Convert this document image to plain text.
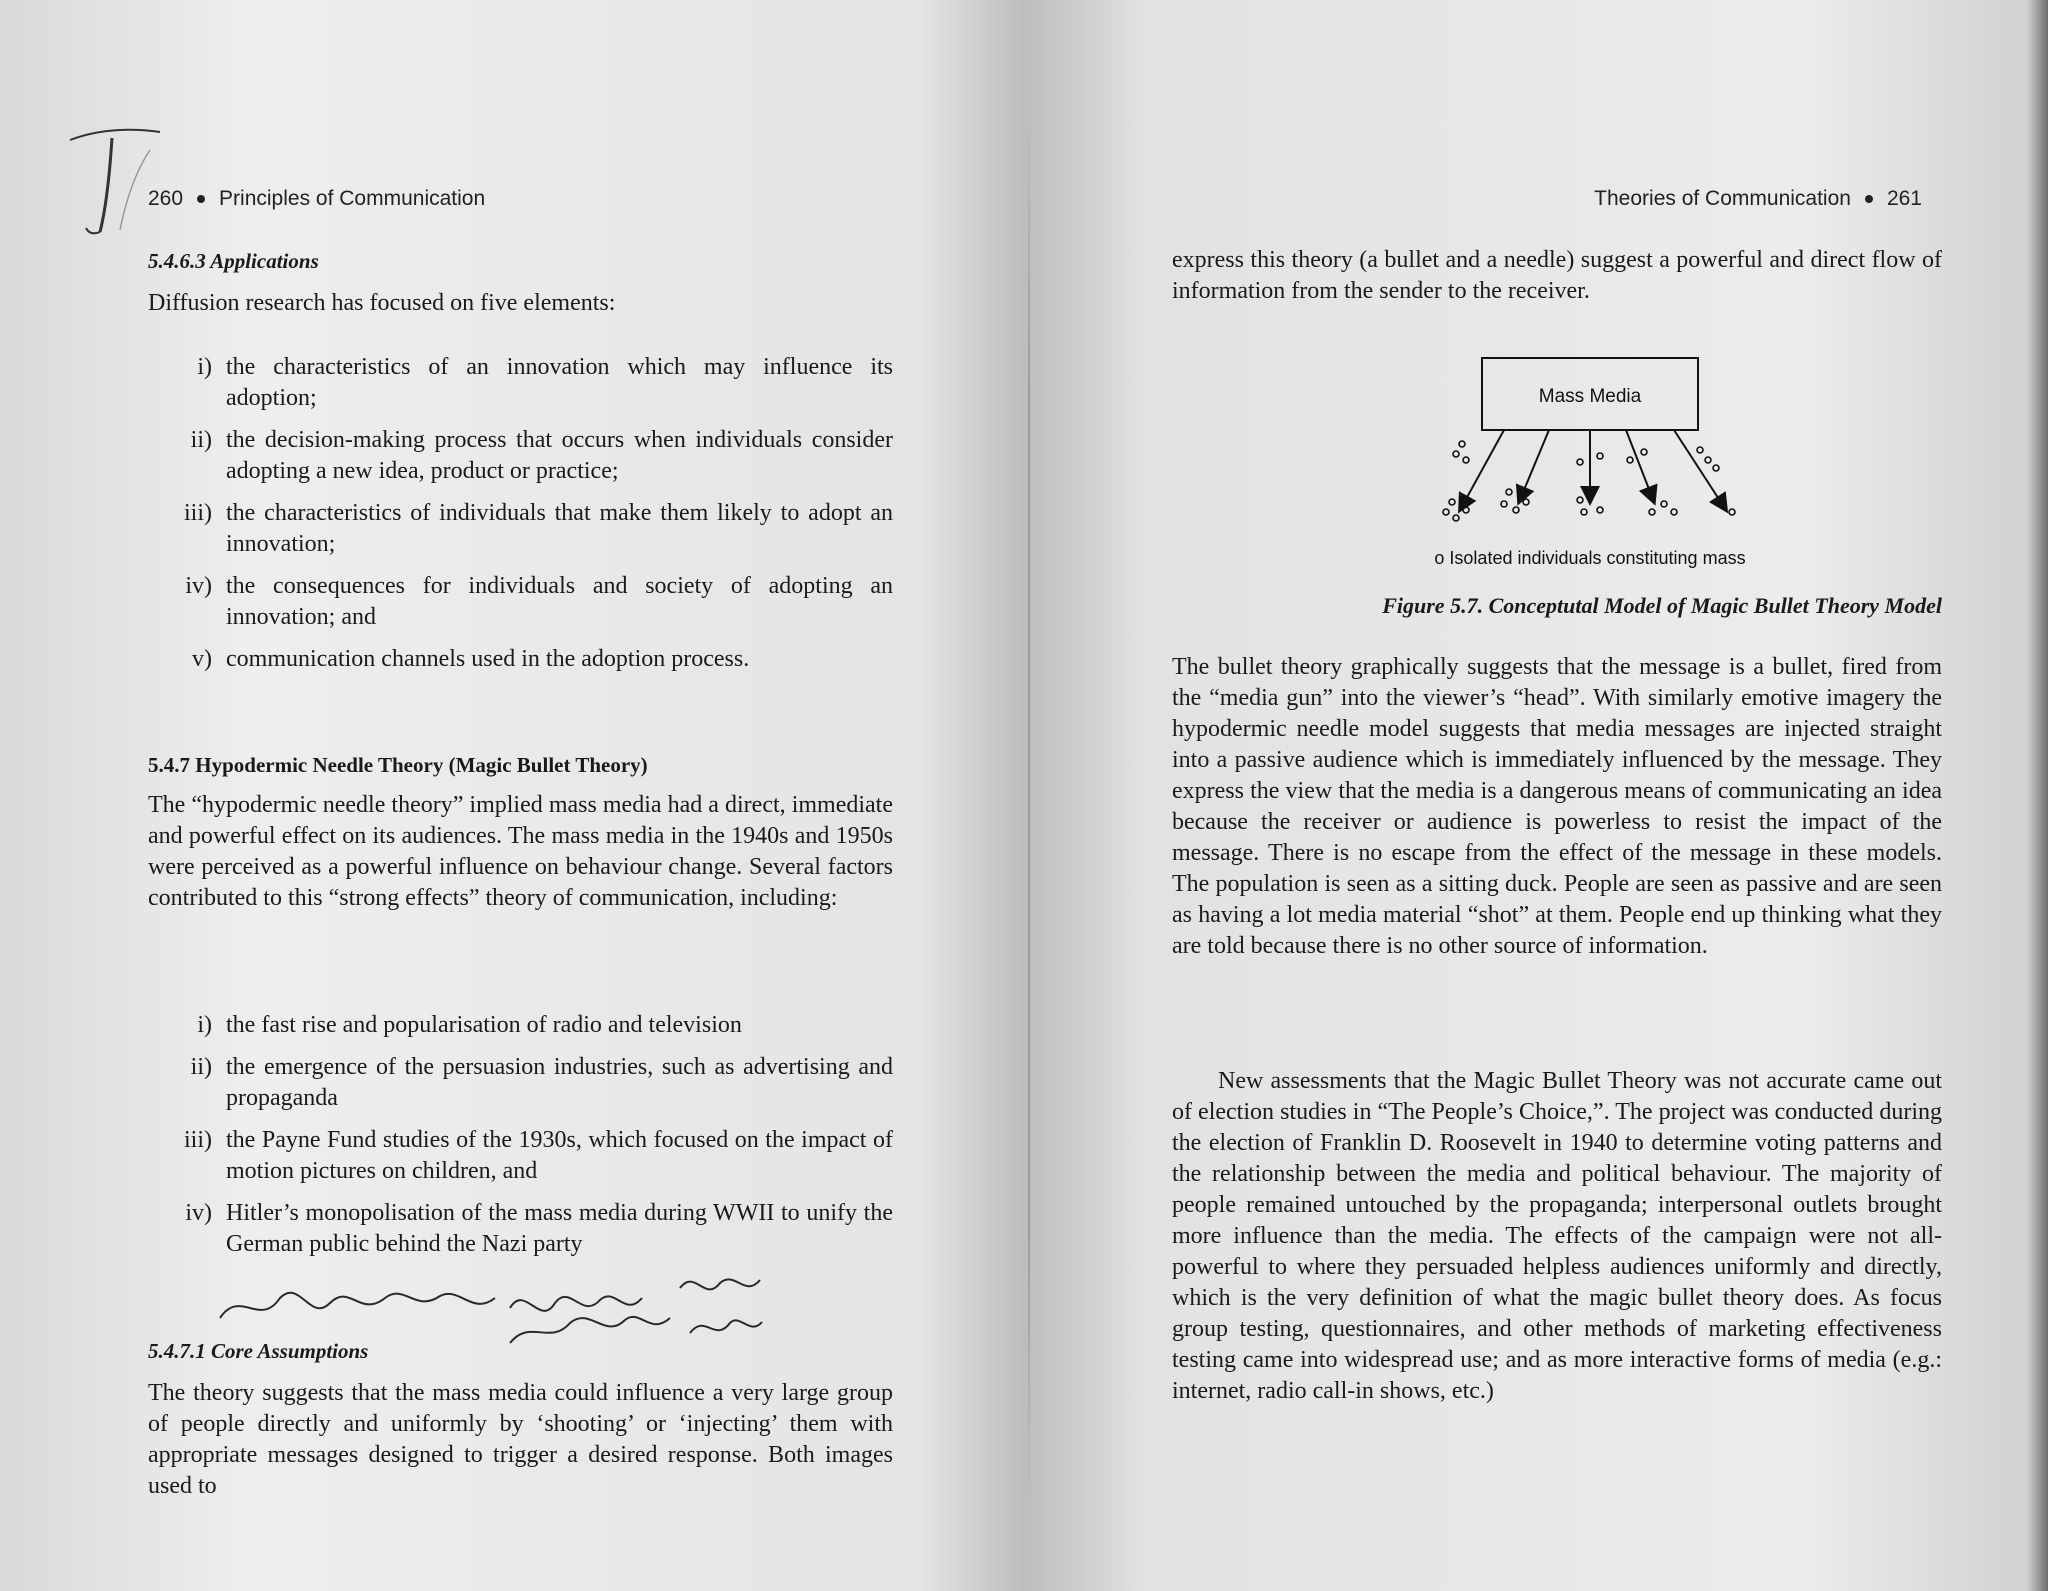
260 Principles of Communication

5.4.6.3 Applications

Diffusion research has focused on five elements:

i) the characteristics of an innovation which may influence its adoption;
ii) the decision-making process that occurs when individuals consider adopting a new idea, product or practice;
iii) the characteristics of individuals that make them likely to adopt an innovation;
iv) the consequences for individuals and society of adopting an innovation; and
v) communication channels used in the adoption process.

5.4.7 Hypodermic Needle Theory (Magic Bullet Theory)

The “hypodermic needle theory” implied mass media had a direct, immediate and powerful effect on its audiences. The mass media in the 1940s and 1950s were perceived as a powerful influence on behaviour change. Several factors contributed to this “strong effects” theory of communication, including:

i) the fast rise and popularisation of radio and television
ii) the emergence of the persuasion industries, such as advertising and propaganda
iii) the Payne Fund studies of the 1930s, which focused on the impact of motion pictures on children, and
iv) Hitler’s monopolisation of the mass media during WWII to unify the German public behind the Nazi party

5.4.7.1 Core Assumptions

The theory suggests that the mass media could influence a very large group of people directly and uniformly by ‘shooting’ or ‘injecting’ them with appropriate messages designed to trigger a desired response. Both images used to

Theories of Communication 261

express this theory (a bullet and a needle) suggest a powerful and direct flow of information from the sender to the receiver.

Mass Media
o Isolated individuals constituting mass

Figure 5.7. Conceptutal Model of Magic Bullet Theory Model

The bullet theory graphically suggests that the message is a bullet, fired from the “media gun” into the viewer’s “head”. With similarly emotive imagery the hypodermic needle model suggests that media messages are injected straight into a passive audience which is immediately influenced by the message. They express the view that the media is a dangerous means of communicating an idea because the receiver or audience is powerless to resist the impact of the message. There is no escape from the effect of the message in these models. The population is seen as a sitting duck. People are seen as passive and are seen as having a lot media material “shot” at them. People end up thinking what they are told because there is no other source of information.

New assessments that the Magic Bullet Theory was not accurate came out of election studies in “The People’s Choice,”. The project was conducted during the election of Franklin D. Roosevelt in 1940 to determine voting patterns and the relationship between the media and political behaviour. The majority of people remained untouched by the propaganda; interpersonal outlets brought more influence than the media. The effects of the campaign were not all-powerful to where they persuaded helpless audiences uniformly and directly, which is the very definition of what the magic bullet theory does. As focus group testing, questionnaires, and other methods of marketing effectiveness testing came into widespread use; and as more interactive forms of media (e.g.: internet, radio call-in shows, etc.)
